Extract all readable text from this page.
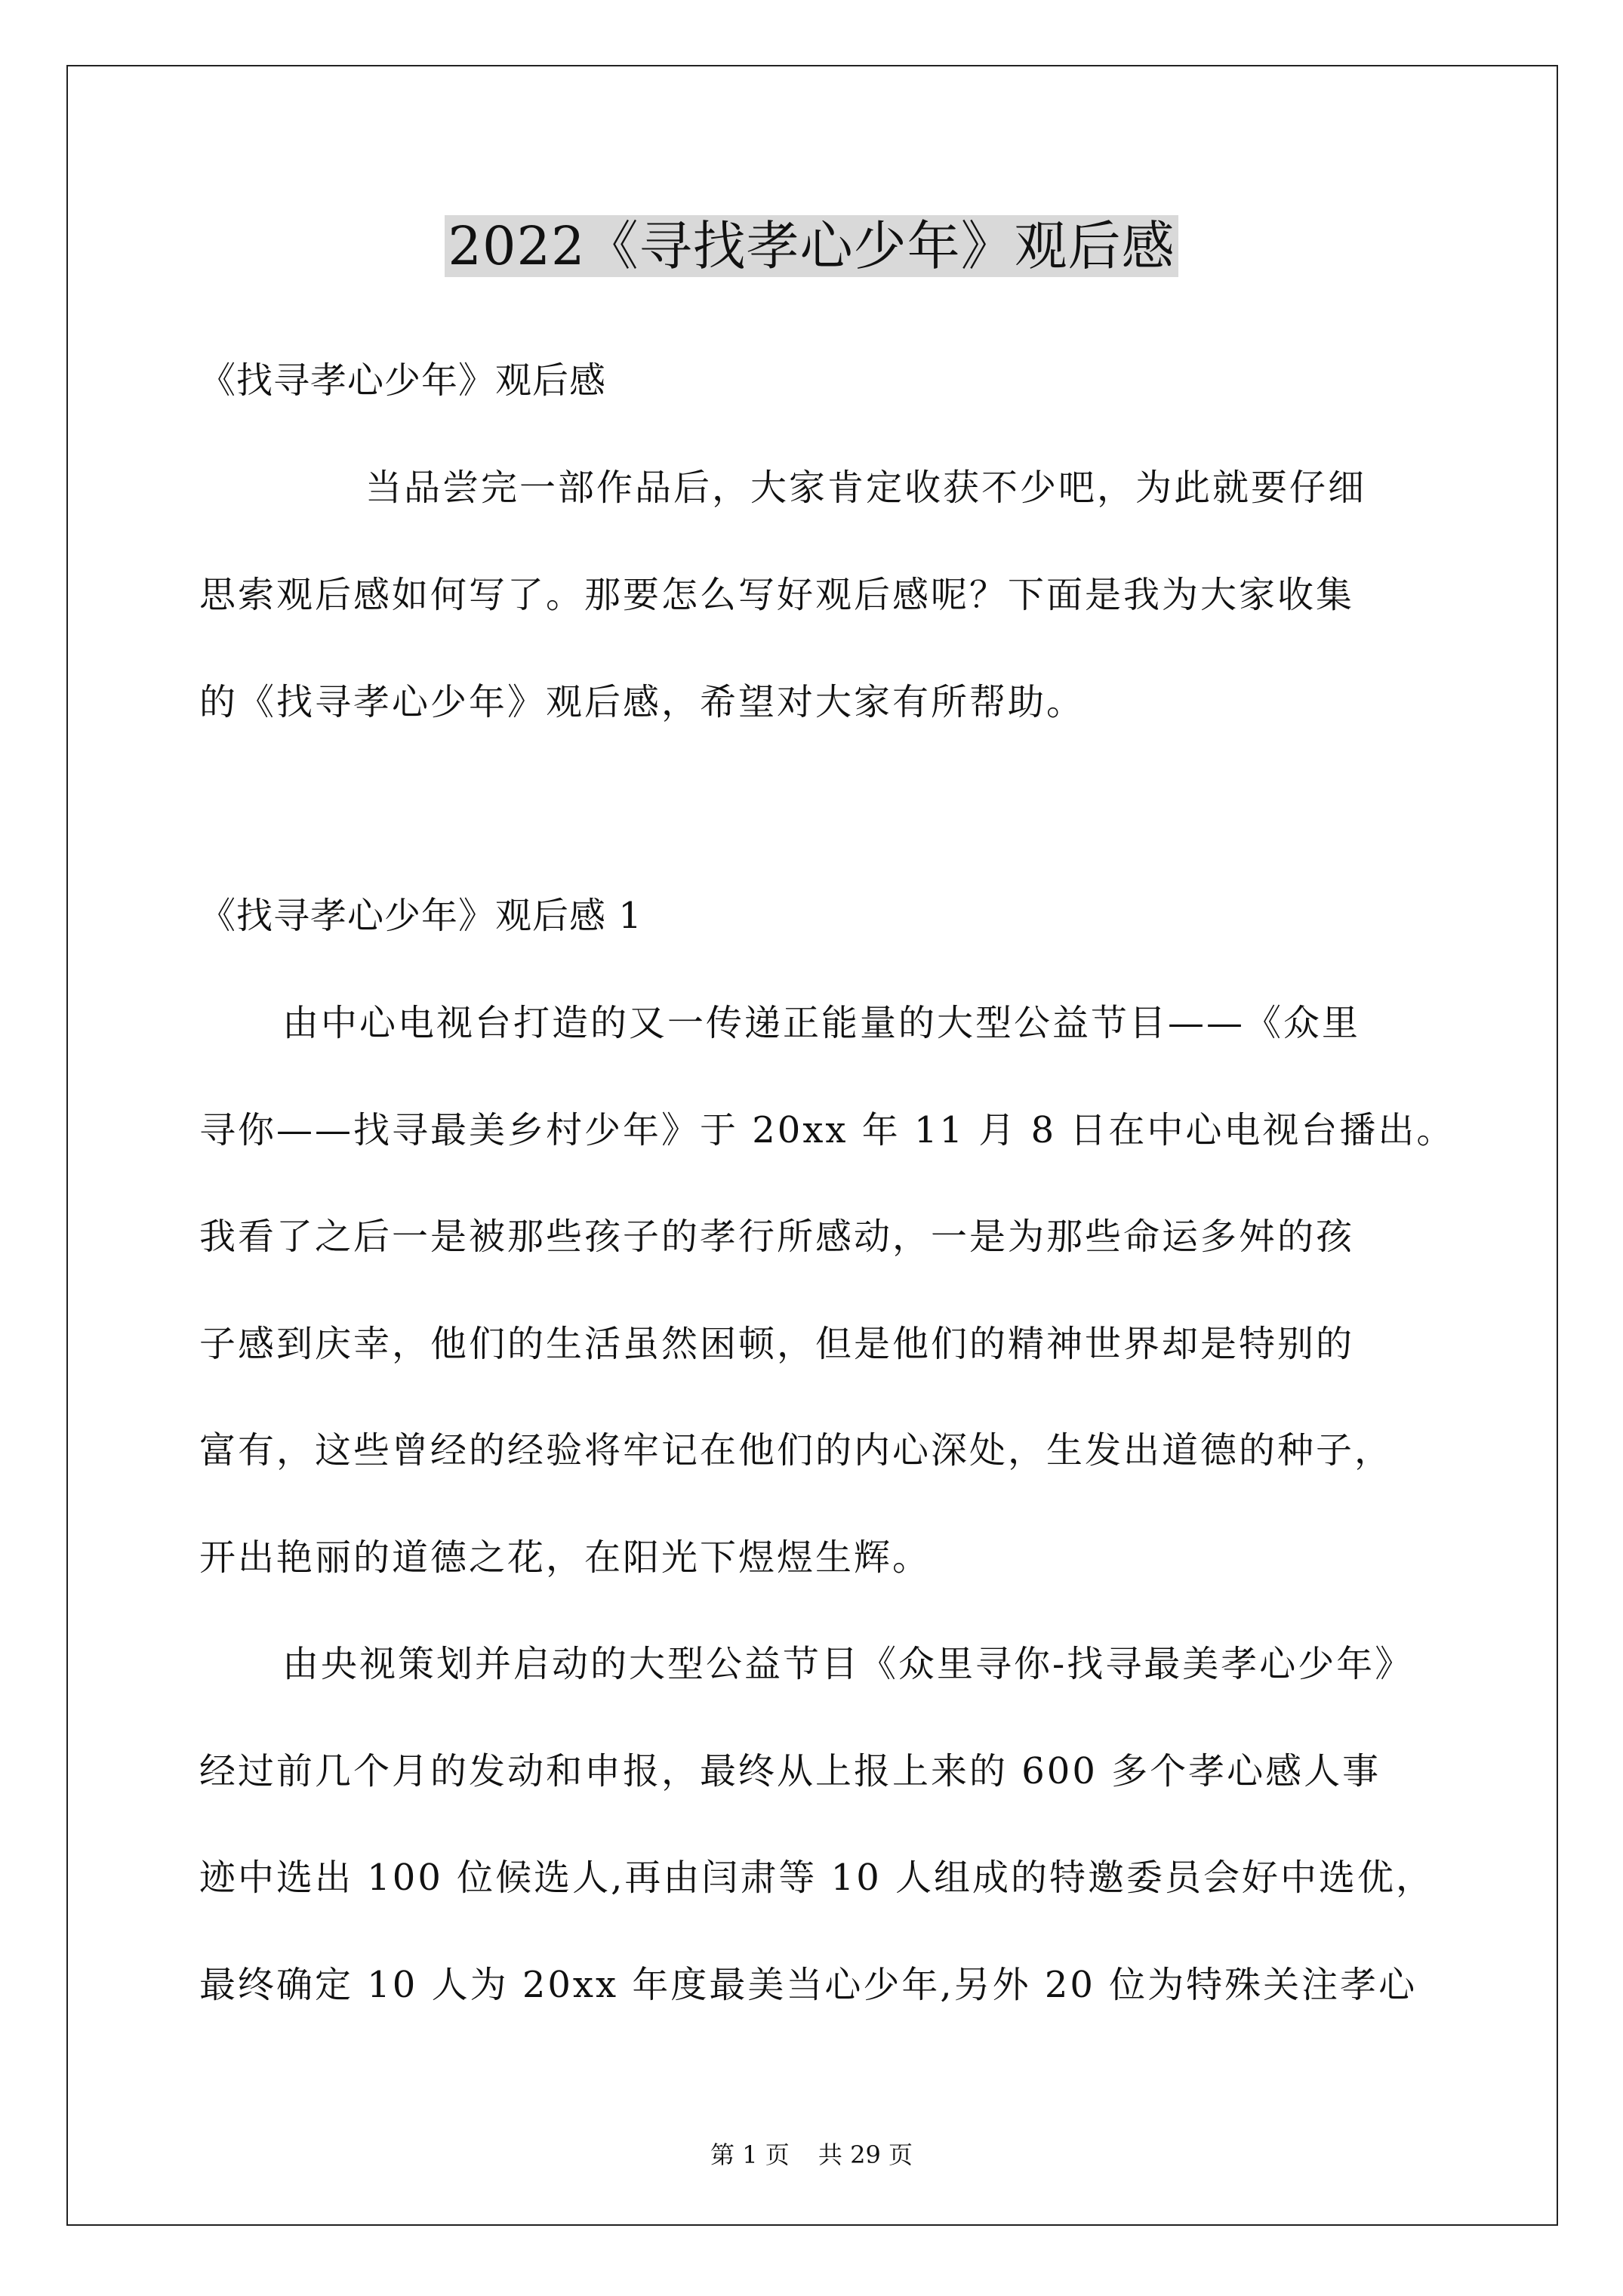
2022《寻找孝心少年》观后感
《找寻孝心少年》观后感
当品尝完一部作品后，大家肯定收获不少吧，为此就要仔细
思索观后感如何写了。那要怎么写好观后感呢？下面是我为大家收集
的《找寻孝心少年》观后感，希望对大家有所帮助。
《找寻孝心少年》观后感 1
由中心电视台打造的又一传递正能量的大型公益节目——《众里
寻你——找寻最美乡村少年》于 20xx 年 11 月 8 日在中心电视台播出。
我看了之后一是被那些孩子的孝行所感动，一是为那些命运多舛的孩
子感到庆幸，他们的生活虽然困顿，但是他们的精神世界却是特别的
富有，这些曾经的经验将牢记在他们的内心深处，生发出道德的种子，
开出艳丽的道德之花，在阳光下煜煜生辉。
由央视策划并启动的大型公益节目《众里寻你-找寻最美孝心少年》
经过前几个月的发动和申报，最终从上报上来的 600 多个孝心感人事
迹中选出 100 位候选人,再由闫肃等 10 人组成的特邀委员会好中选优，
最终确定 10 人为 20xx 年度最美当心少年,另外 20 位为特殊关注孝心
第 1 页 共 29 页
